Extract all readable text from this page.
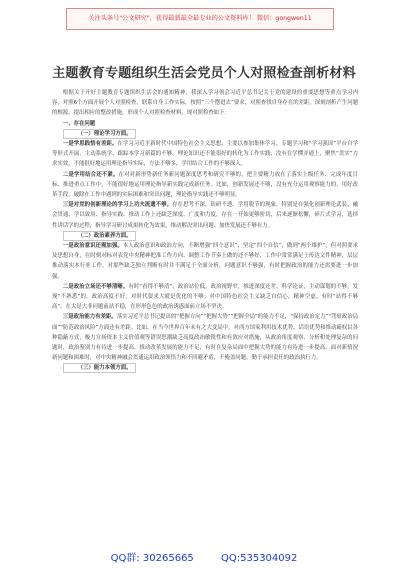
关注头条号"公文研究"，获得最新最全最专业的公文资料库！ 微信：gongwen11
主题教育专题组织生活会党员个人对照检查剖析材料

根据关于开好主题教育专题组织生活会的通知精神，我深入学习领会习近平总书记关于党的建设的重要思想等重点学习内容，对照6个方面开展个人对照检查，联系自身工作实际，按照“三个摆进去”要求，对照查找自身存在的差距，深刻剖析产生问题的根源，提出相应的整改措施，形成个人对照检查材料，现对照检查如下：

一、存在问题

（一）理论学习方面。

一是学思践悟有差距。在学习习近平新时代中国特色社会主义思想、主要以参加集体学习、专题学习和“学习强国”平台自学等形式开展，主动系统学、跟踪本学习新篇的不够，理论知识还不能很好的转化为工作实践；没有在学懂弄通上，聚焦“贯实”力求实效，不能很好地运用理论指导实际，方法不够多，学用结合工作的不够深入。

二是学用结合还不紧。在对对新形势新任务新问题深度思考和研究不够的，把主要精力放在了落实上级任务、完成年度目标、推进重点工作中，不能很好地运用理论指导新实践完成新任务。比如，创新发展还不够，没有充分运用观察能力的，用好改革手段，破除在工作中遇到的实际困难和突出问题，理论指导实践还不够明显。

三是对党的创新理论的学习上功夫流遗不够。存在思考不深，钻研不透、学用脱节的现象，特别是在强化创新理论武装、融会贯通、学以致用、指导实践、推动工作上还缺乏深度、广度和力度，存在一开始更够密切，后来逐渐松懈，碎片式学习，选择性讲话学的过程，指导学习研讨成果转化为效果，推动解决突出问题、加快发展还不够有力。

（二）政治素养方面。

一是政治意识还需加强。本人政治意识和政治方向，不断增强“四个意识”，坚定“四个自信”，做到“两个维护”，但对照要求及思想自身，在时刻对标对表党中央精神把准工作方向、调整工作节奏上做的还不够好，工作中常常满足于传达文件精神，层层推动落实本行业工作，对那些缺乏独立判断有时并不满足于全面分析，问题意识不够强，有时把握政治的能力还需要进一步加强。

二是政治立场还不够清晰。有时“看得不够清”，政治站位低，政治视野窄，推进深度还差，科学论证，主动谋划的不够，发现“不熟悉”的，政治高度不好，对时代要求大就是优化的不够；对中国特色社会主义缺乏自信心，精神空虚，有时“站得不够高”，在大是大非问题前站不稳，在形形色色的政治诱惑面前立场不坚决。

三是政治能力有差距。落实习近平总书记提出的“把握方向”“把握大势”“把握全局”的能力不足，“保持政治定力”“驾驭政治局面”“防范政治风险”方面还有差距。比如，在当今世界百年未有之大变局中，对西方国家利用技术优势、话语优势和推动霸权以各种隐蔽方式，极力宣扬资本主义价值观等错误思潮缺乏高度政治敏锐性和有效应对措施，从政治角度观察、分析和处理复杂的问题时，政治鉴别力有待进一步提高，推动改革发展的能力不足，有时在复杂局面中把握大势的能力有待进一步提高，面对新情况新问题和困难时，对中央精神融会贯通运用政治领悟力和不回避矛盾，不掩盖问题，勤于承担责任的政治执行力。

（三）能力本领方面。

QQ群: 30265665	QQ:535304092
